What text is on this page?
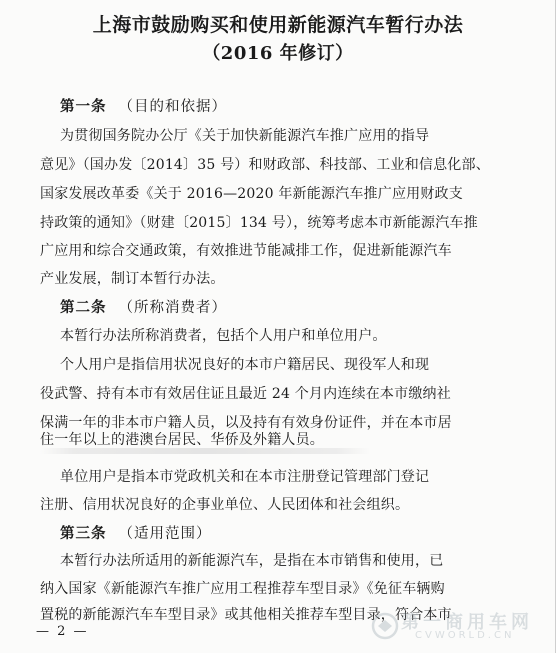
上海市鼓励购买和使用新能源汽车暂行办法
（2016 年修订）
第一条 （目的和依据）
为贯彻国务院办公厅《关于加快新能源汽车推广应用的指导
意见》（国办发〔2014〕35 号）和财政部、科技部、工业和信息化部、
国家发展改革委《关于 2016—2020 年新能源汽车推广应用财政支
持政策的通知》（财建〔2015〕134 号），统筹考虑本市新能源汽车推
广应用和综合交通政策，有效推进节能减排工作，促进新能源汽车
产业发展，制订本暂行办法。
第二条 （所称消费者）
本暂行办法所称消费者，包括个人用户和单位用户。
个人用户是指信用状况良好的本市户籍居民、现役军人和现
役武警、持有本市有效居住证且最近 24 个月内连续在本市缴纳社
保满一年的非本市户籍人员，以及持有有效身份证件，并在本市居
住一年以上的港澳台居民、华侨及外籍人员。
单位用户是指本市党政机关和在本市注册登记管理部门登记
注册、信用状况良好的企事业单位、人民团体和社会组织。
第三条 （适用范围）
本暂行办法所适用的新能源汽车，是指在本市销售和使用，已
纳入国家《新能源汽车推广应用工程推荐车型目录》《免征车辆购
置税的新能源汽车车型目录》或其他相关推荐车型目录，符合本市
— 2 —	第一商用车网
CVWORLD.CN
